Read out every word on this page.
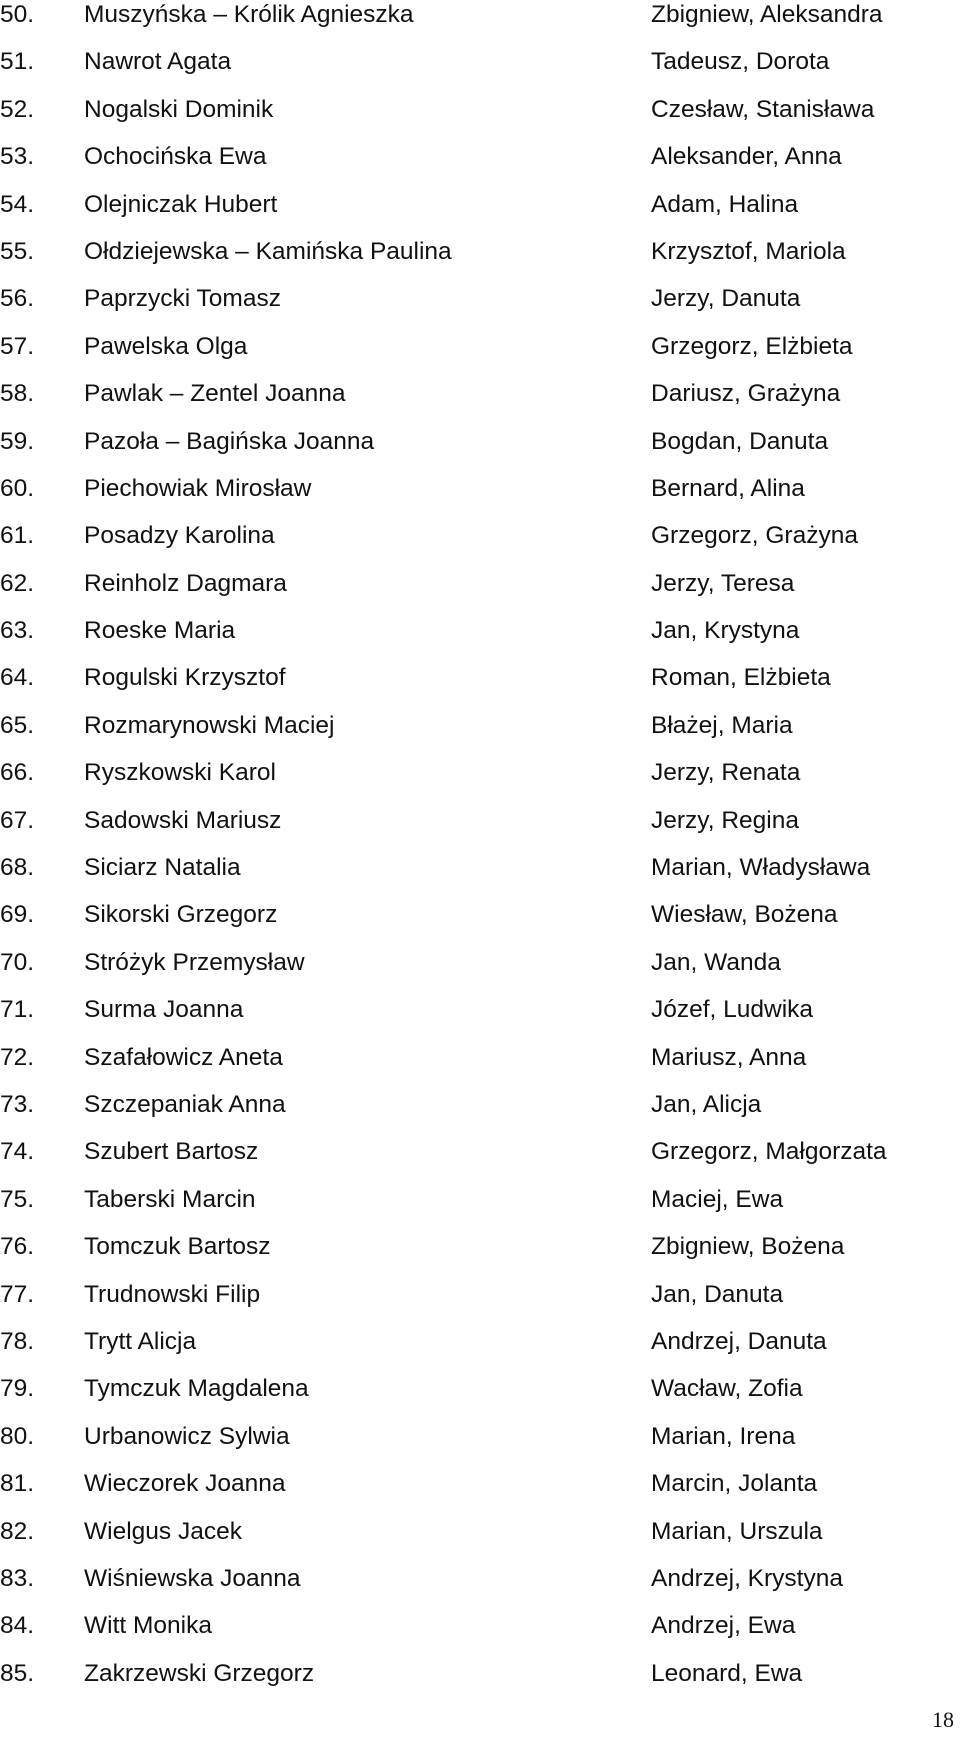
50. Muszyńska – Królik Agnieszka	Zbigniew, Aleksandra
51. Nawrot Agata	Tadeusz, Dorota
52. Nogalski Dominik	Czesław, Stanisława
53. Ochocińska Ewa	Aleksander, Anna
54. Olejniczak Hubert	Adam, Halina
55. Ołdziejewska – Kamińska Paulina	Krzysztof, Mariola
56. Paprzycki Tomasz	Jerzy, Danuta
57. Pawelska Olga	Grzegorz, Elżbieta
58. Pawlak – Zentel Joanna	Dariusz, Grażyna
59. Pazoła – Bagińska Joanna	Bogdan, Danuta
60. Piechowiak Mirosław	Bernard, Alina
61. Posadzy Karolina	Grzegorz, Grażyna
62. Reinholz Dagmara	Jerzy, Teresa
63. Roeske Maria	Jan, Krystyna
64. Rogulski Krzysztof	Roman, Elżbieta
65. Rozmarynowski Maciej	Błażej, Maria
66. Ryszkowski Karol	Jerzy, Renata
67. Sadowski Mariusz	Jerzy, Regina
68. Siciarz Natalia	Marian, Władysława
69. Sikorski Grzegorz	Wiesław, Bożena
70. Stróżyk Przemysław	Jan, Wanda
71. Surma Joanna	Józef, Ludwika
72. Szafałowicz Aneta	Mariusz, Anna
73. Szczepaniak Anna	Jan, Alicja
74. Szubert Bartosz	Grzegorz, Małgorzata
75. Taberski Marcin	Maciej, Ewa
76. Tomczuk Bartosz	Zbigniew, Bożena
77. Trudnowski Filip	Jan, Danuta
78. Trytt Alicja	Andrzej, Danuta
79. Tymczuk Magdalena	Wacław, Zofia
80. Urbanowicz Sylwia	Marian, Irena
81. Wieczorek Joanna	Marcin, Jolanta
82. Wielgus Jacek	Marian, Urszula
83. Wiśniewska Joanna	Andrzej, Krystyna
84. Witt Monika	Andrzej, Ewa
85. Zakrzewski Grzegorz	Leonard, Ewa
18
